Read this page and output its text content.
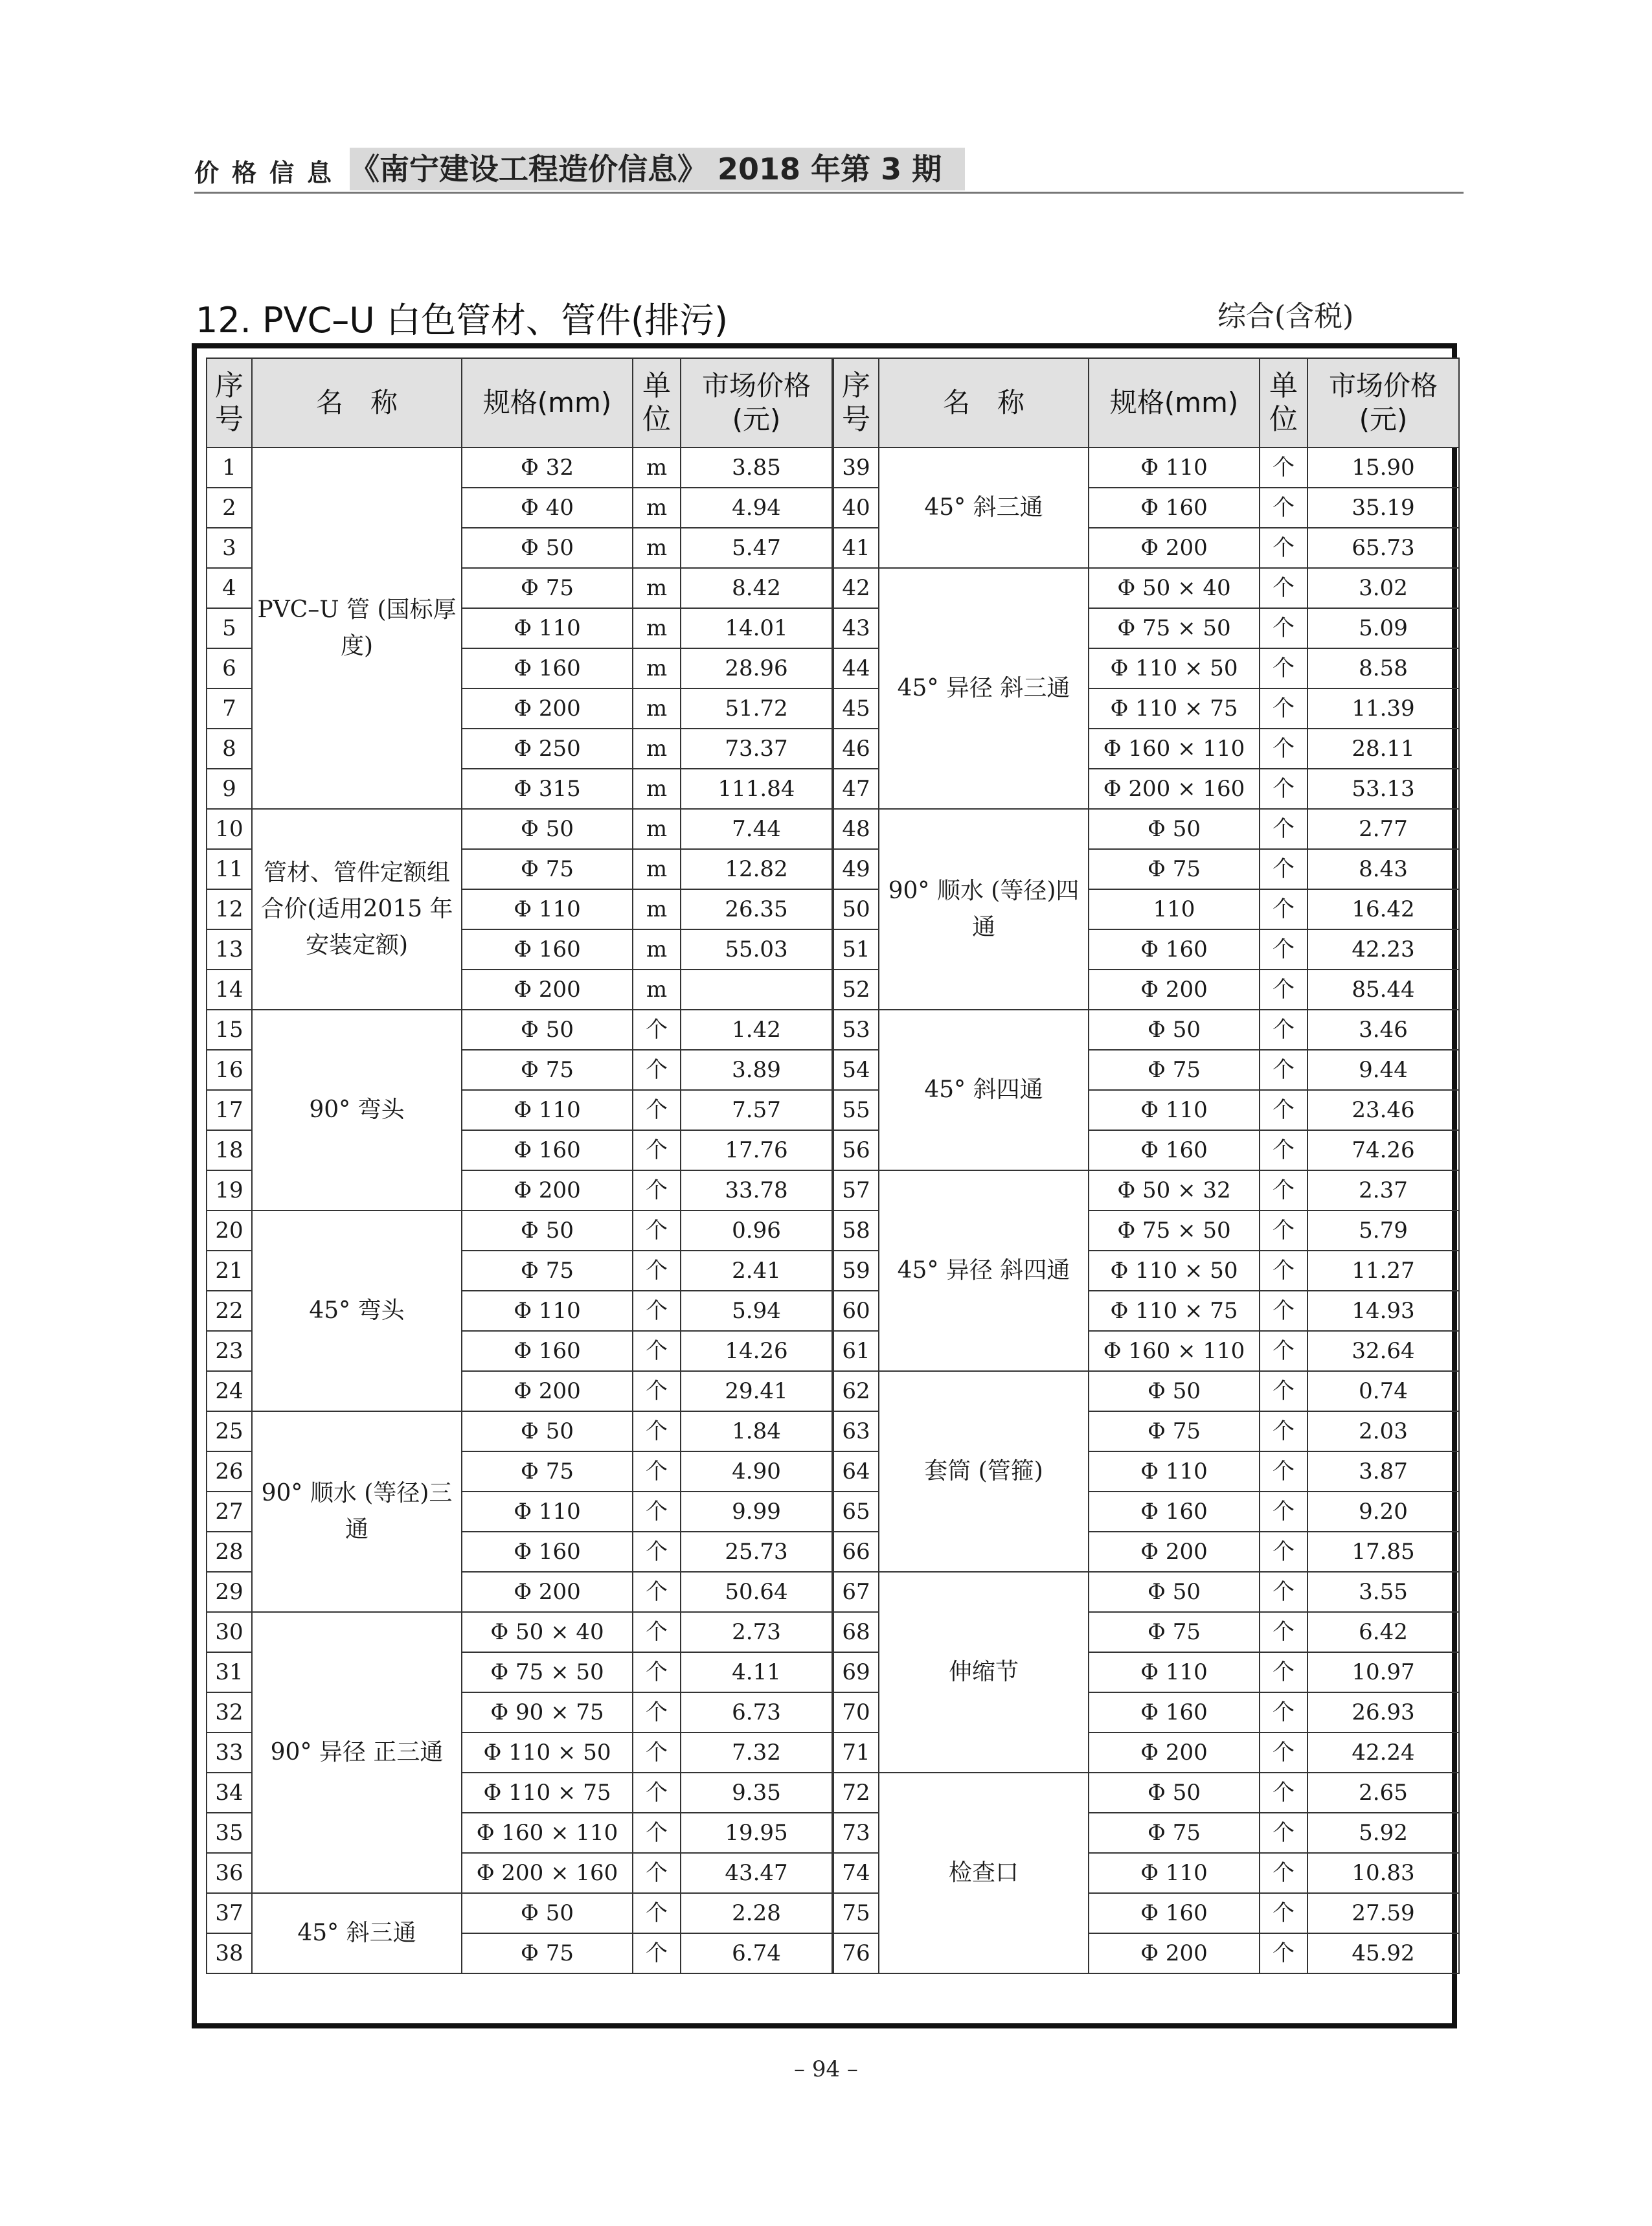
价格信息 《南宁建设工程造价信息》 2018 年第 3 期
12. PVC–U 白色管材、管件(排污)	综合(含税)
序号	名　称	规格(mm)	单位	市场价格(元)
1	PVC–U 管 (国标厚度)	Φ 32	m	3.85
2		Φ 40	m	4.94
3		Φ 50	m	5.47
4		Φ 75	m	8.42
5		Φ 110	m	14.01
6		Φ 160	m	28.96
7		Φ 200	m	51.72
8		Φ 250	m	73.37
9		Φ 315	m	111.84
10	管材、管件定额组合价(适用2015 年安装定额)	Φ 50	m	7.44
11		Φ 75	m	12.82
12		Φ 110	m	26.35
13		Φ 160	m	55.03
14		Φ 200	m	
15	90° 弯头	Φ 50	个	1.42
16		Φ 75	个	3.89
17		Φ 110	个	7.57
18		Φ 160	个	17.76
19		Φ 200	个	33.78
20	45° 弯头	Φ 50	个	0.96
21		Φ 75	个	2.41
22		Φ 110	个	5.94
23		Φ 160	个	14.26
24		Φ 200	个	29.41
25	90° 顺水 (等径)三通	Φ 50	个	1.84
26		Φ 75	个	4.90
27		Φ 110	个	9.99
28		Φ 160	个	25.73
29		Φ 200	个	50.64
30	90° 异径 正三通	Φ 50 × 40	个	2.73
31		Φ 75 × 50	个	4.11
32		Φ 90 × 75	个	6.73
33		Φ 110 × 50	个	7.32
34		Φ 110 × 75	个	9.35
35		Φ 160 × 110	个	19.95
36		Φ 200 × 160	个	43.47
37	45° 斜三通	Φ 50	个	2.28
38		Φ 75	个	6.74
序号	名　称	规格(mm)	单位	市场价格(元)
39	45° 斜三通	Φ 110	个	15.90
40		Φ 160	个	35.19
41		Φ 200	个	65.73
42	45° 异径 斜三通	Φ 50 × 40	个	3.02
43		Φ 75 × 50	个	5.09
44		Φ 110 × 50	个	8.58
45		Φ 110 × 75	个	11.39
46		Φ 160 × 110	个	28.11
47		Φ 200 × 160	个	53.13
48	90° 顺水 (等径)四通	Φ 50	个	2.77
49		Φ 75	个	8.43
50		110	个	16.42
51		Φ 160	个	42.23
52		Φ 200	个	85.44
53	45° 斜四通	Φ 50	个	3.46
54		Φ 75	个	9.44
55		Φ 110	个	23.46
56		Φ 160	个	74.26
57	45° 异径 斜四通	Φ 50 × 32	个	2.37
58		Φ 75 × 50	个	5.79
59		Φ 110 × 50	个	11.27
60		Φ 110 × 75	个	14.93
61		Φ 160 × 110	个	32.64
62	套筒 (管箍)	Φ 50	个	0.74
63		Φ 75	个	2.03
64		Φ 110	个	3.87
65		Φ 160	个	9.20
66		Φ 200	个	17.85
67	伸缩节	Φ 50	个	3.55
68		Φ 75	个	6.42
69		Φ 110	个	10.97
70		Φ 160	个	26.93
71		Φ 200	个	42.24
72	检查口	Φ 50	个	2.65
73		Φ 75	个	5.92
74		Φ 110	个	10.83
75		Φ 160	个	27.59
76		Φ 200	个	45.92
– 94 –
